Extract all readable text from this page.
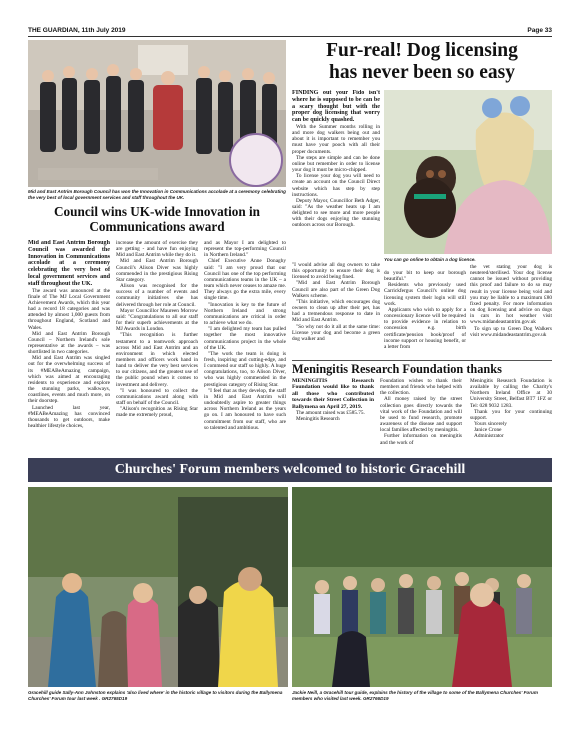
THE GUARDIAN, 11th July 2019	Page 33
Mid and East Antrim Borough Council has won the Innovation in Communications accolade at a ceremony celebrating the very best of local government services and staff throughout the UK.
Council wins UK-wide Innovation in Communications award

Mid and East Antrim Borough Council was awarded the Innovation in Communications accolade at a ceremony celebrating the very best of local government services and staff throughout the UK.

The award was announced at the finale of The MJ Local Government Achievement Awards, which this year had a record 18 categories and was attended by almost 1,000 guests from throughout England, Scotland and Wales.

Mid and East Antrim Borough Council – Northern Ireland's sole representative at the awards – was shortlisted in two categories.

Mid and East Antrim was singled out for the overwhelming success of its #MEABeAmazing campaign, which was aimed at encouraging residents to experience and explore the stunning parks, walkways, coastlines, events and much more, on their doorstep.

Launched last year, #MEABeAmazing has convinced thousands to get outdoors, make healthier lifestyle choices,

increase the amount of exercise they are getting - and have fun enjoying Mid and East Antrim while they do it.

Mid and East Antrim Borough Council's Alison Diver was highly commended in the prestigious Rising Star category.

Alison was recognised for the success of a number of events and community initiatives she has delivered through her role at Council.

Mayor Councillor Maureen Morrow said: "Congratulations to all our staff for their superb achievements at the MJ Awards in London.

"This recognition is further testament to a teamwork approach across Mid and East Antrim and an environment in which elected members and officers work hand in hand to deliver the very best services to our citizens, and the greatest use of the public pound when it comes to investment and delivery.

"I was honoured to collect the communications award along with staff on behalf of the Council.

"Alison's recognition as Rising Star made me extremely proud,

and as Mayor I am delighted to represent the top-performing Council in Northern Ireland."

Chief Executive Anne Donaghy said: "I am very proud that our Council has one of the top performing communications teams in the UK – a team which never ceases to amaze me. They always go the extra mile, every single time.

"Innovation is key to the future of Northern Ireland and strong communications are critical in order to achieve what we do.

"I am delighted my team has pulled together the most innovative communications project in the whole of the UK.

"The work the team is doing is fresh, inspiring and cutting-edge, and I commend our staff so highly. A huge congratulations, too, to Alison Diver, who was highly commended in the prestigious category of Rising Star.

"I feel that as they develop, the staff in Mid and East Antrim will undoubtedly aspire to greater things across Northern Ireland as the years go on. I am honoured to have such commitment from our staff, who are so talented and ambitious.

Fur-real! Dog licensing
has never been so easy

FINDING out your Fido isn't where he is supposed to be can be a scary thought but with the proper dog licensing that worry can be quickly quashed.

With the Summer months rolling in and more dog walkers being out and about it is important to remember you must have your pooch with all their proper documents.

The steps are simple and can be done online but remember in order to license your dog it must be micro-chipped.

To license your dog you will need to create an account on the Council Direct website which has step by step instructions.

Deputy Mayor, Councillor Beth Adger, said: "As the weather heats up I am delighted to see more and more people with their dogs enjoying the stunning outdoors across our Borough.

You can go online to obtain a dog licence.

"I would advise all dog owners to take this opportunity to ensure their dog is licensed to avoid being fined.

"Mid and East Antrim Borough Council are also part of the Green Dog Walkers scheme.

"This initiative, which encourages dog owners to clean up after their pet, has had a tremendous response to date in Mid and East Antrim.

"So why not do it all at the same time: License your dog and become a green dog walker and

do your bit to keep our borough beautiful."

Residents who previously used Carrickfergus Council's online dog licensing system their login will still work.

Applicants who wish to apply for a concessionary licence will be required to provide evidence in relation to concession e.g. birth certificate/pension book/proof of income support or housing benefit, or a letter from

the vet stating your dog is neutered/sterilised. Your dog license cannot be issued without providing this proof and failure to do so may result in your license being void and you may be liable to a maximum £80 fixed penalty. For more information on dog licensing and advice on dogs in cars in hot weather visit www.midandeastantrim.gov.uk

To sign up to Green Dog Walkers visit www.midandeastantrim.gov.uk

Meningitis Research Foundation thanks

MENINGITIS Research Foundation would like to thank all those who contributed towards their Street Collection in Ballymena on April 27, 2019.

The amount raised was £585.75.

Meningitis Research

Foundation wishes to thank their members and friends who helped with the collection.

All money raised by the street collection goes directly towards the vital work of the Foundation and will be used to fund research, promote awareness of the disease and support local families affected by meningitis.

Further information on meningitis and the work of

Meningitis Research Foundation is available by calling the Charity's Northern Ireland Office at 30 University Street, Belfast BT7 1FZ or Tel: 028 9032 1283.

Thank you for your continuing support.

Yours sincerely

Janice Crone

Administrator

Churches' Forum members welcomed to historic Gracehill
Gracehill guide Sally-Ann Johnston explains 'also lived where' in the historic village to visitors during the Ballymena Churches' Forum tour last week . GR2765D19
Jackie Neill, a Gracehill tour guide, explains the history of the village to some of the Ballymena Churches' Forum members who visited last week. GR2766D19
